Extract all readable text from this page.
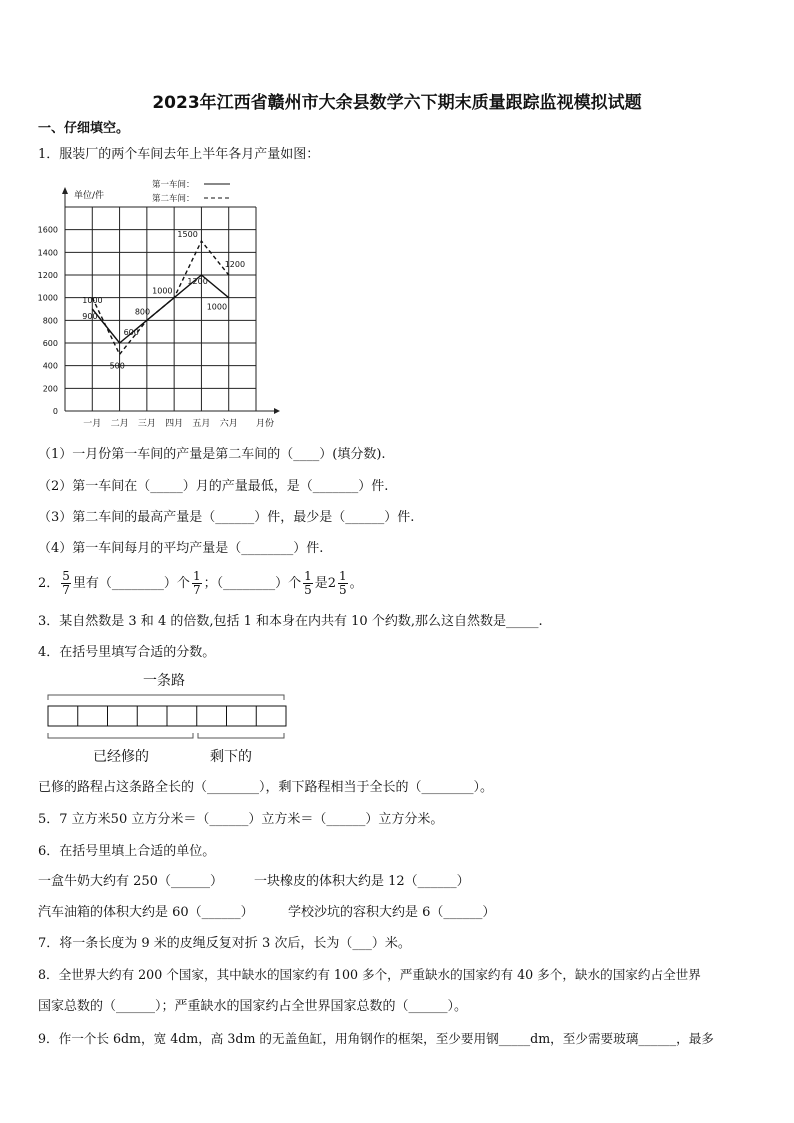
2023年江西省赣州市大余县数学六下期末质量跟踪监视模拟试题
一、仔细填空。
1．服装厂的两个车间去年上半年各月产量如图：
0
200
400
600
800
1000
1200
1400
1600
一月 二月 三月 四月 五月 六月
1000
900
600
500
800
1000
1500
1200
1200
1000
单位/件
月份
第一车间：
第二车间：
（1）一月份第一车间的产量是第二车间的（____）(填分数).
（2）第一车间在（_____）月的产量最低，是（_______）件.
（3）第二车间的最高产量是（______）件，最少是（______）件.
（4）第一车间每月的平均产量是（________）件.
2． $\frac{5}{7}$ 里有（________）个 $\frac{1}{7}$ ；（________）个 $\frac{1}{5}$ 是$2 \frac{1}{5}$ 。
3．某自然数是 3 和 4 的倍数,包括 1 和本身在内共有 10 个约数,那么这自然数是_____.
4．在括号里填写合适的分数。
一条路
已经修的	剩下的
已修的路程占这条路全长的（________），剩下路程相当于全长的（________）。
5．7 立方米50 立方分米＝（______）立方米＝（______）立方分米。
6．在括号里填上合适的单位。
一盒牛奶大约有 250（______） 一块橡皮的体积大约是 12（______）
汽车油箱的体积大约是 60（______）	学校沙坑的容积大约是 6（______）
7．将一条长度为 9 米的皮绳反复对折 3 次后，长为（___）米。
8．全世界大约有 200 个国家，其中缺水的国家约有 100 多个，严重缺水的国家约有 40 多个，缺水的国家约占全世界
国家总数的（______）；严重缺水的国家约占全世界国家总数的（______）。
9．作一个长 6dm，宽 4dm，高 3dm 的无盖鱼缸，用角钢作的框架，至少要用钢_____dm，至少需要玻璃______，最多
